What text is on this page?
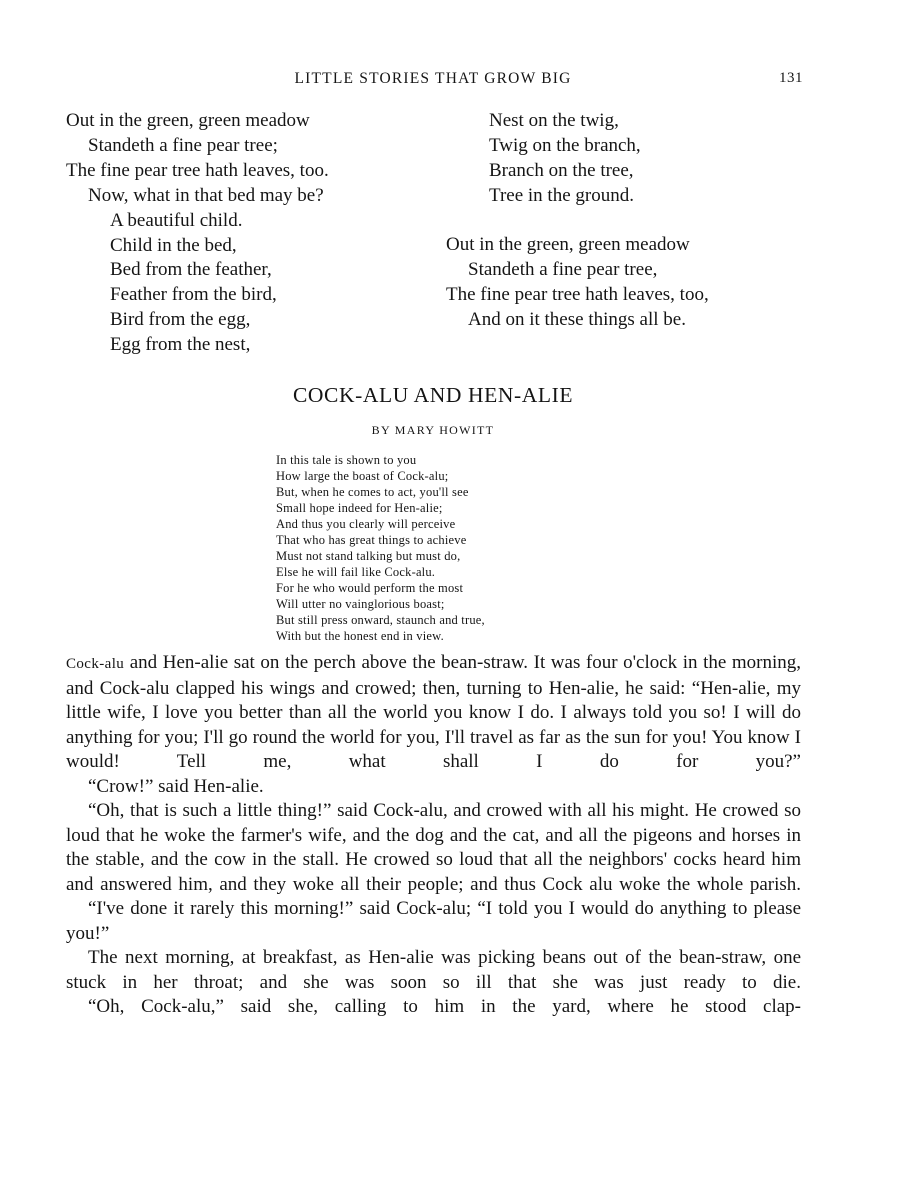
LITTLE STORIES THAT GROW BIG	131
Out in the green, green meadow
Standeth a fine pear tree;
The fine pear tree hath leaves, too.
Now, what in that bed may be?
A beautiful child.
Child in the bed,
Bed from the feather,
Feather from the bird,
Bird from the egg,
Egg from the nest,
Nest on the twig,
Twig on the branch,
Branch on the tree,
Tree in the ground.
Out in the green, green meadow
Standeth a fine pear tree,
The fine pear tree hath leaves, too,
And on it these things all be.
COCK-ALU AND HEN-ALIE
BY MARY HOWITT
In this tale is shown to you
How large the boast of Cock-alu;
But, when he comes to act, you'll see
Small hope indeed for Hen-alie;
And thus you clearly will perceive
That who has great things to achieve
Must not stand talking but must do,
Else he will fail like Cock-alu.
For he who would perform the most
Will utter no vainglorious boast;
But still press onward, staunch and true,
With but the honest end in view.

Cock-alu and Hen-alie sat on the perch above the bean-straw. It was four o'clock in the morning, and Cock-alu clapped his wings and crowed; then, turning to Hen-alie, he said: “Hen-alie, my little wife, I love you better than all the world you know I do. I always told you so! I will do anything for you; I'll go round the world for you, I'll travel as far as the sun for you! You know I would! Tell me, what shall I do for you?”

“Crow!” said Hen-alie.

“Oh, that is such a little thing!” said Cock-alu, and crowed with all his might. He crowed so loud that he woke the farmer's wife, and the dog and the cat, and all the pigeons and horses in the stable, and the cow in the stall. He crowed so loud that all the neighbors' cocks heard him and answered him, and they woke all their people; and thus Cock alu woke the whole parish.

“I've done it rarely this morning!” said Cock-alu; “I told you I would do anything to please you!”

The next morning, at breakfast, as Hen-alie was picking beans out of the bean-straw, one stuck in her throat; and she was soon so ill that she was just ready to die.

“Oh, Cock-alu,” said she, calling to him in the yard, where he stood clap-
